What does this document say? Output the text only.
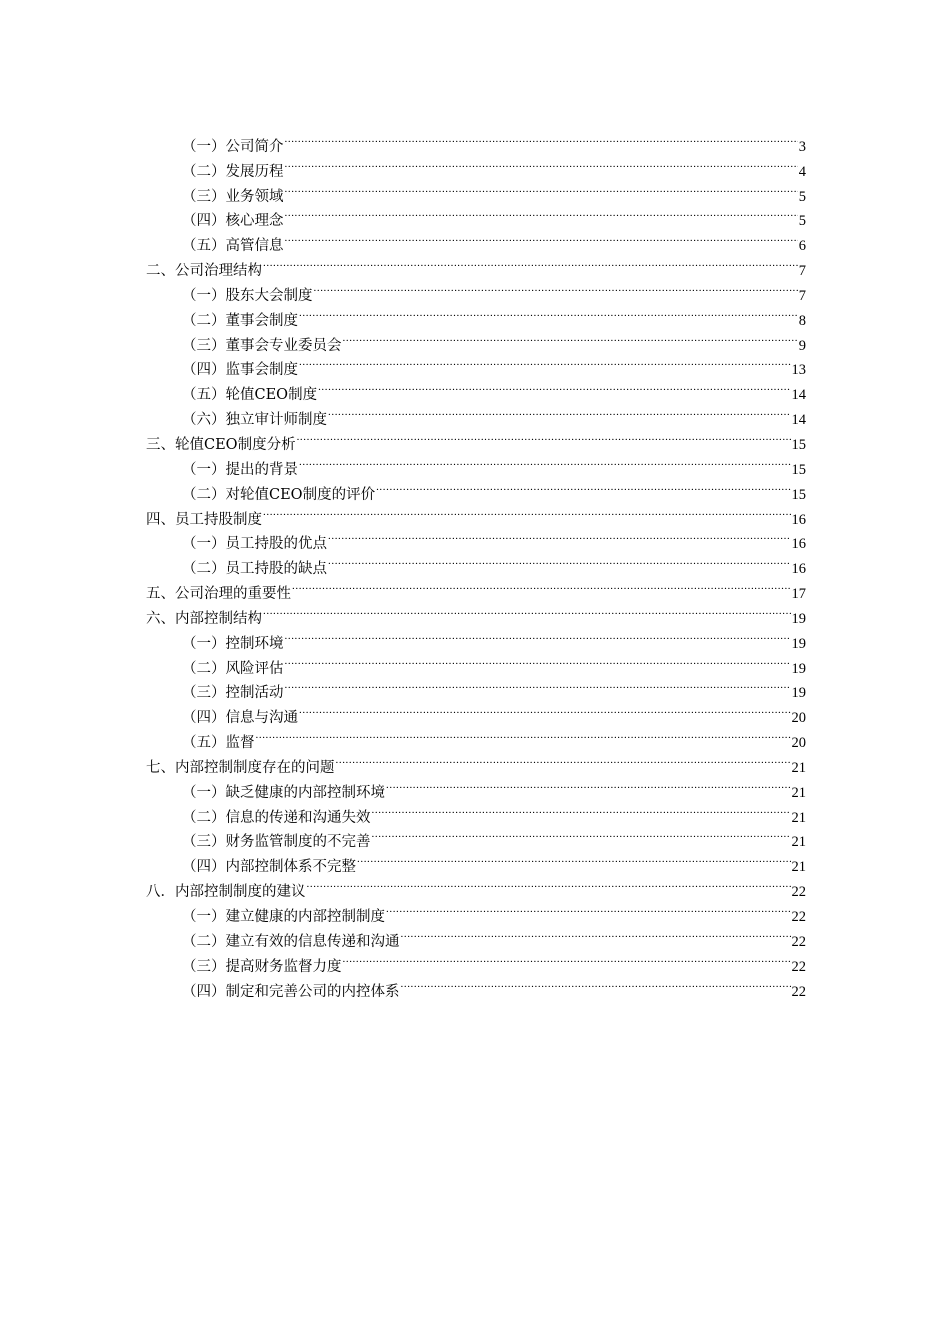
（一）公司简介 .....	3
（二）发展历程 .....	4
（三）业务领域 .....	5
（四）核心理念 .....	5
（五）高管信息 .....	6
二、公司治理结构 .....	7
（一）股东大会制度 .....	7
（二）董事会制度 .....	8
（三）董事会专业委员会 .....	9
（四）监事会制度 .....	13
（五）轮值CEO制度 .....	14
（六）独立审计师制度 .....	14
三、轮值CEO制度分析 .....	15
（一）提出的背景 .....	15
（二）对轮值CEO制度的评价 .....	15
四、员工持股制度 .....	16
（一）员工持股的优点 .....	16
（二）员工持股的缺点 .....	16
五、公司治理的重要性 .....	17
六、内部控制结构 .....	19
（一）控制环境 .....	19
（二）风险评估 .....	19
（三）控制活动 .....	19
（四）信息与沟通 .....	20
（五）监督 .....	20
七、内部控制制度存在的问题 .....	21
（一）缺乏健康的内部控制环境 .....	21
（二）信息的传递和沟通失效 .....	21
（三）财务监管制度的不完善 .....	21
（四）内部控制体系不完整 .....	21
八．内部控制制度的建议 .....	22
（一）建立健康的内部控制制度 .....	22
（二）建立有效的信息传递和沟通 .....	22
（三）提高财务监督力度 .....	22
（四）制定和完善公司的内控体系 .....	22
